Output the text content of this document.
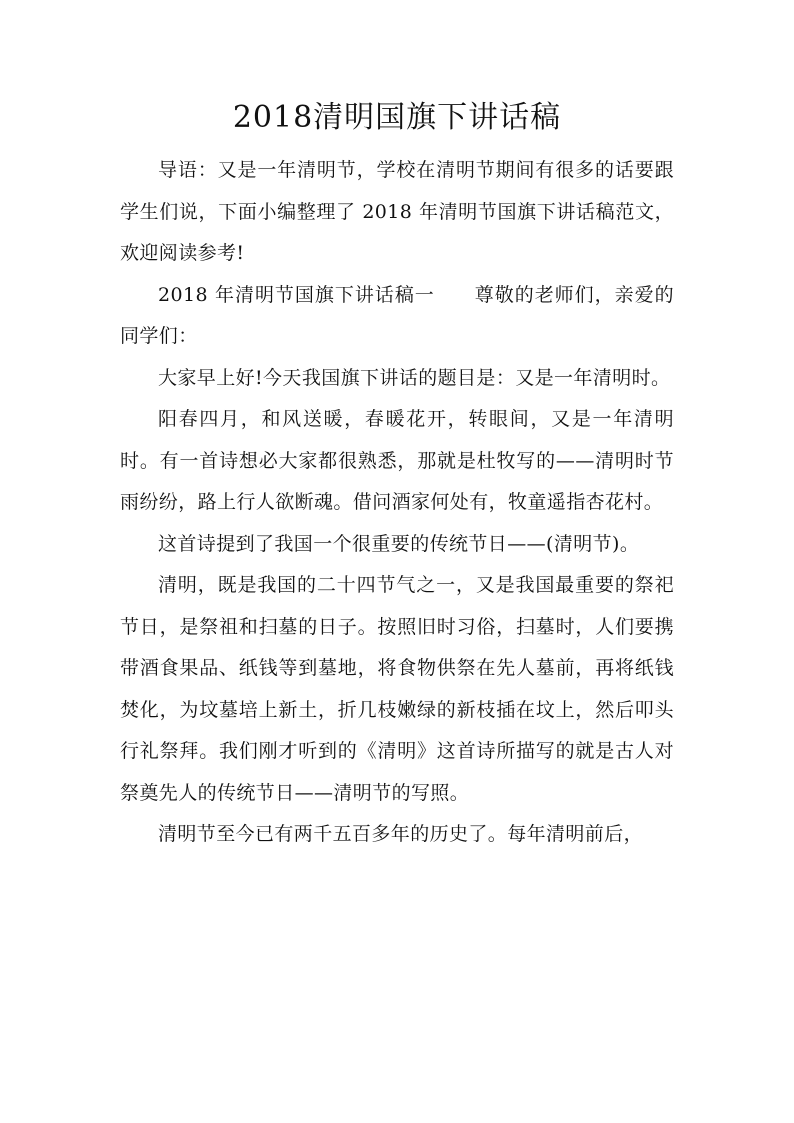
2018清明国旗下讲话稿

导语：又是一年清明节，学校在清明节期间有很多的话要跟学生们说，下面小编整理了 2018 年清明节国旗下讲话稿范文，欢迎阅读参考!

2018 年清明节国旗下讲话稿一　　尊敬的老师们，亲爱的同学们：

大家早上好!今天我国旗下讲话的题目是：又是一年清明时。

阳春四月，和风送暖，春暖花开，转眼间，又是一年清明时。有一首诗想必大家都很熟悉，那就是杜牧写的——清明时节雨纷纷，路上行人欲断魂。借问酒家何处有，牧童遥指杏花村。

这首诗提到了我国一个很重要的传统节日——(清明节)。

清明，既是我国的二十四节气之一，又是我国最重要的祭祀节日，是祭祖和扫墓的日子。按照旧时习俗，扫墓时，人们要携带酒食果品、纸钱等到墓地，将食物供祭在先人墓前，再将纸钱焚化，为坟墓培上新土，折几枝嫩绿的新枝插在坟上，然后叩头行礼祭拜。我们刚才听到的《清明》这首诗所描写的就是古人对祭奠先人的传统节日——清明节的写照。

清明节至今已有两千五百多年的历史了。每年清明前后，
